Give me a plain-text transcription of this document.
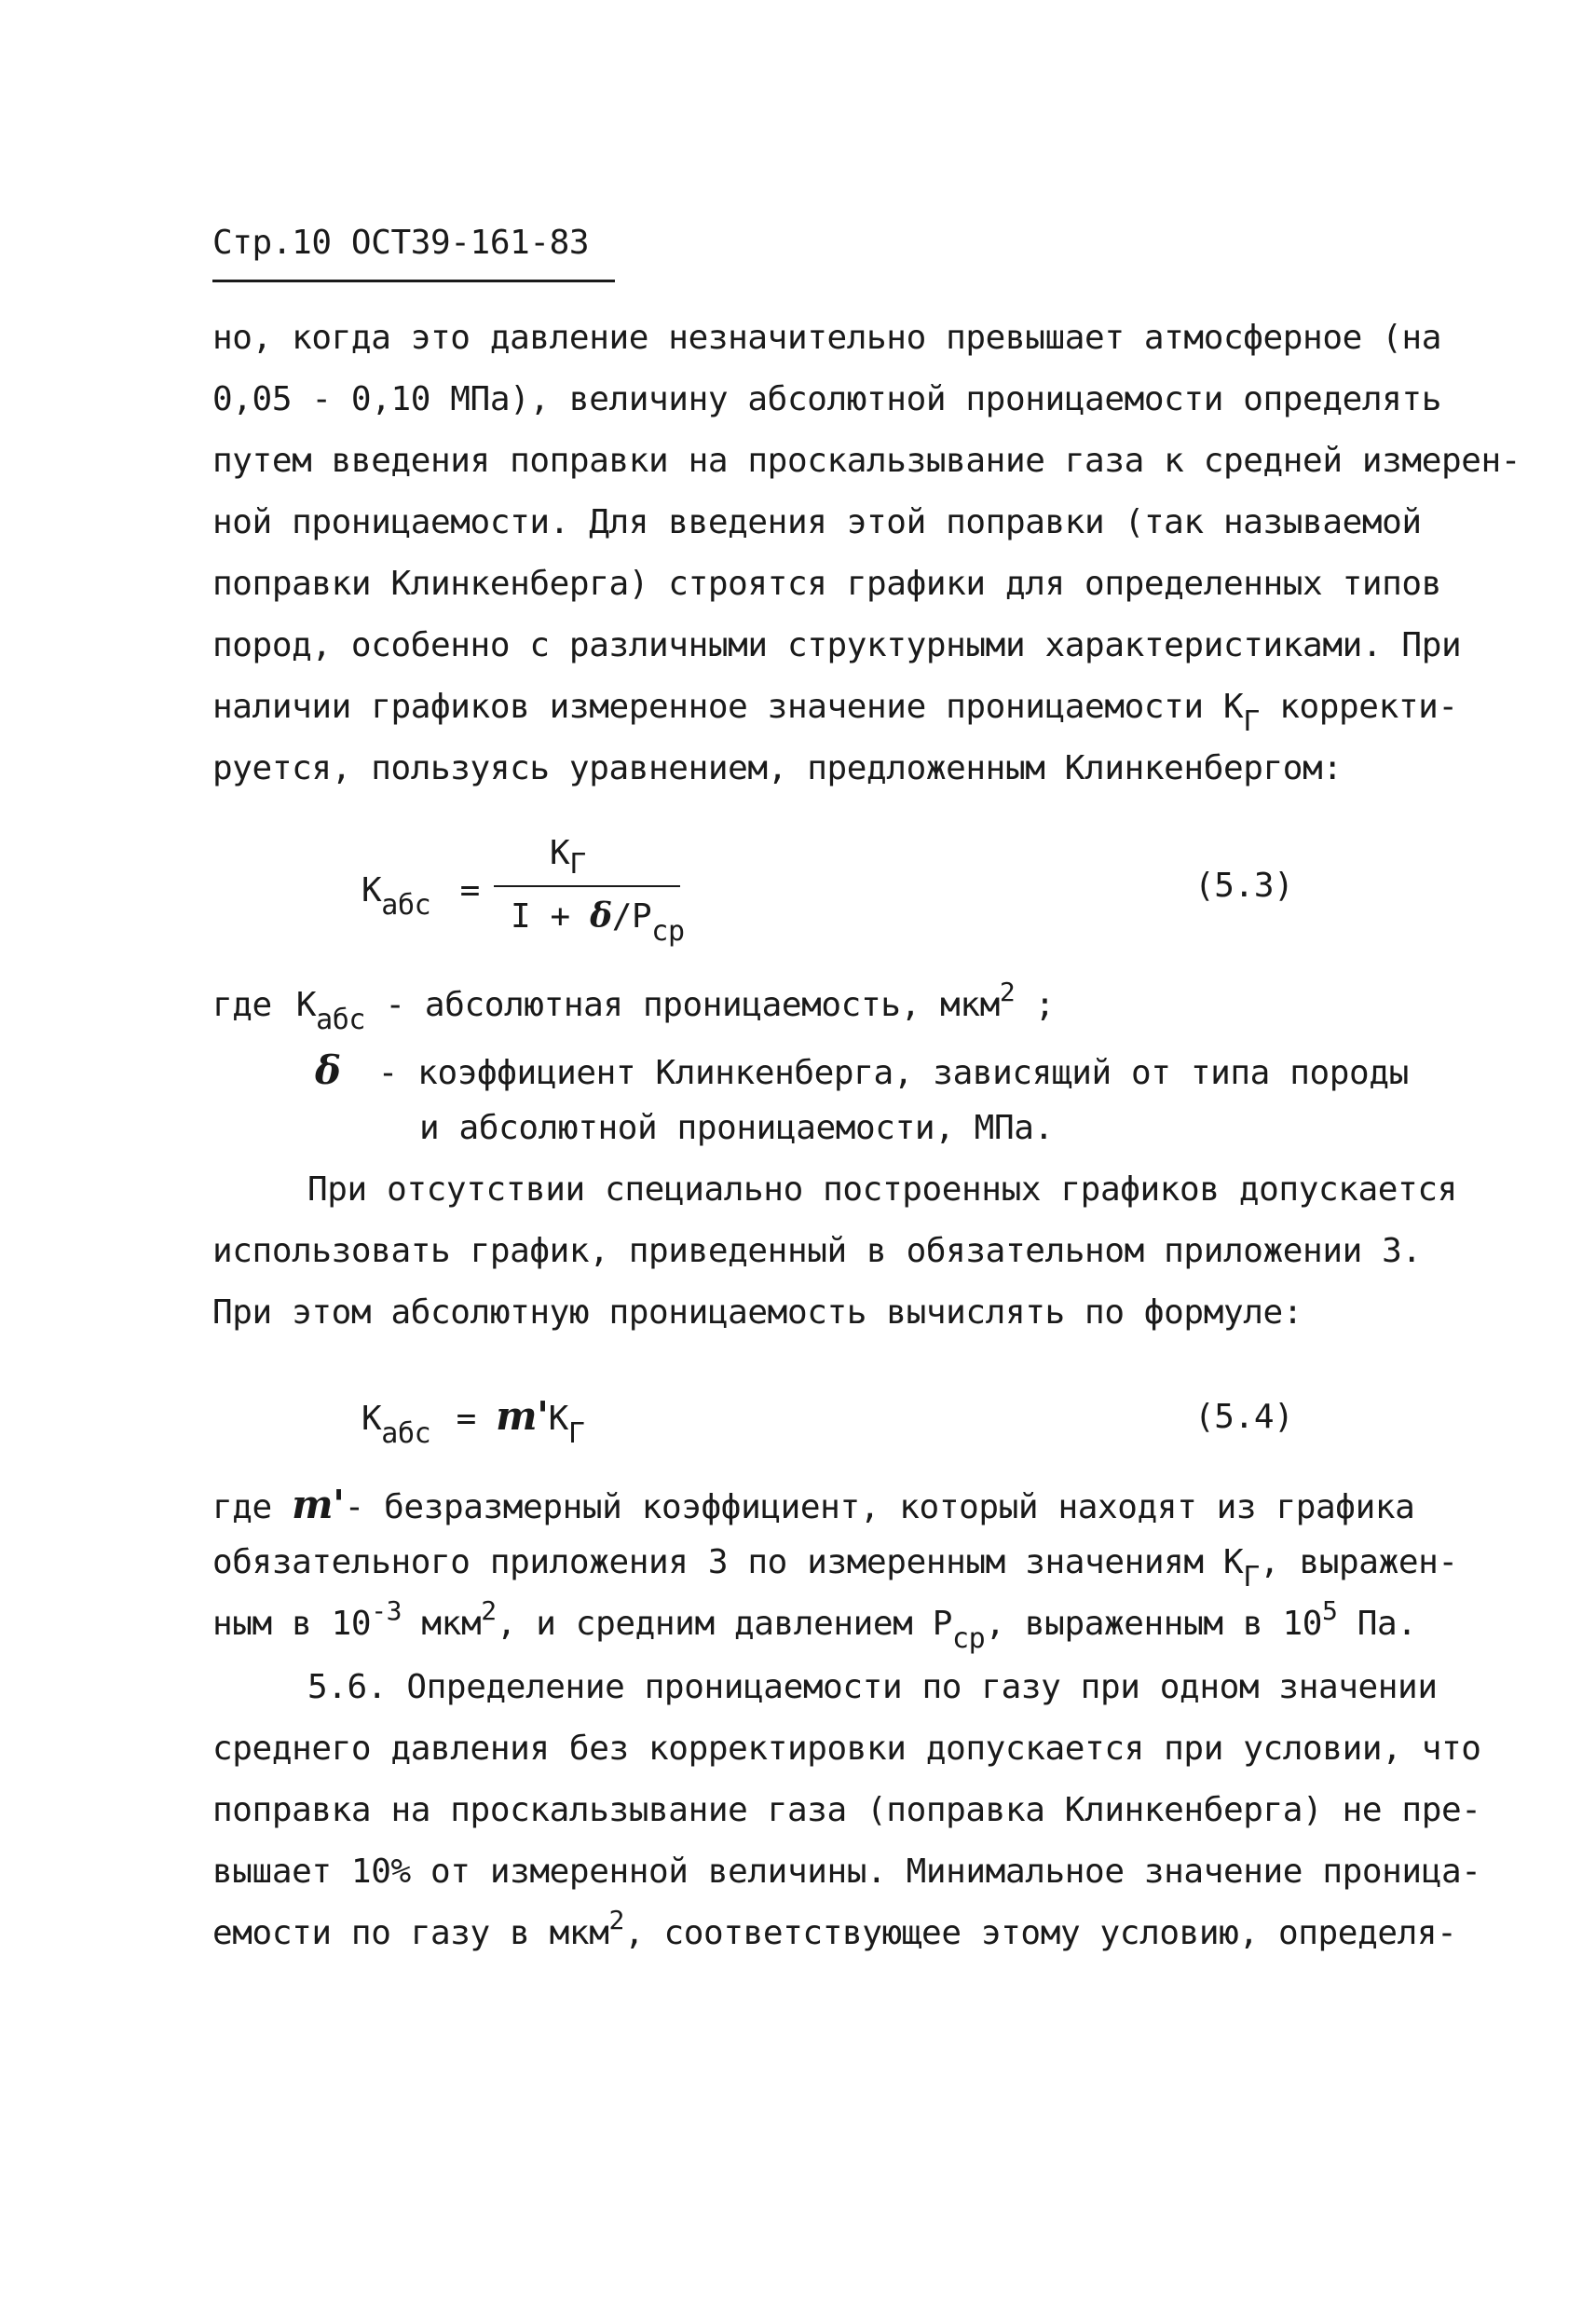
Стр.10 ОСТ39-161-83
но, когда это давление незначительно превышает атмосферное (на
0,05 - 0,10 МПа), величину абсолютной проницаемости определять
путем введения поправки на проскальзывание газа к средней измерен-
ной проницаемости. Для введения этой поправки (так называемой
поправки Клинкенберга) строятся графики для определенных типов
пород, особенно с различными структурными характеристиками. При
наличии графиков измеренное значение проницаемости $К_Г$ корректи-
руется, пользуясь уравнением, предложенным Клинкенбергом:
$К_{абс}$ =
$К_Г$
$I + \delta/P_{ср}$
(5.3)
где $К_{абс}$ - абсолютная проницаемость, мкм$^2$ ;
δ - коэффициент Клинкенберга, зависящий от типа породы
и абсолютной проницаемости, МПа.
При отсутствии специально построенных графиков допускается
использовать график, приведенный в обязательном приложении 3.
При этом абсолютную проницаемость вычислять по формуле:
$К_{абс} = m'К_Г$	(5.4)
где m'- безразмерный коэффициент, который находят из графика
обязательного приложения 3 по измеренным значениям $К_Г$, выражен-
ным в $10^{-3}$ мкм$^2$, и средним давлением $P_{ср}$, выраженным в $10^5$ Па.
5.6. Определение проницаемости по газу при одном значении
среднего давления без корректировки допускается при условии, что
поправка на проскальзывание газа (поправка Клинкенберга) не пре-
вышает 10% от измеренной величины. Минимальное значение проница-
емости по газу в мкм$^2$, соответствующее этому условию, определя-
